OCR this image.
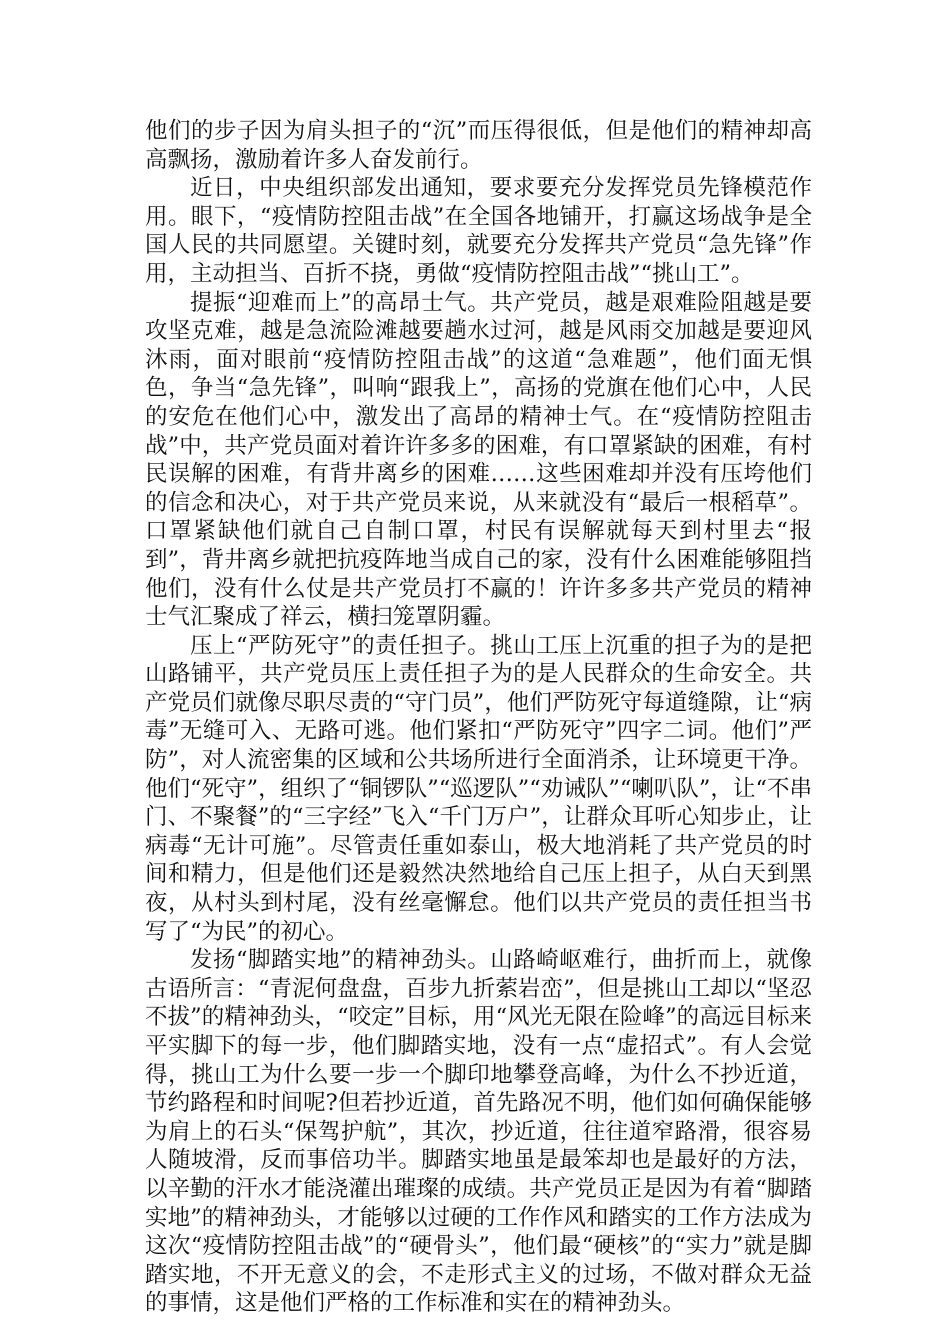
他们的步子因为肩头担子的“沉”而压得很低，但是他们的精神却高高飘扬，激励着许多人奋发前行。

近日，中央组织部发出通知，要求要充分发挥党员先锋模范作用。眼下，“疫情防控阻击战”在全国各地铺开，打赢这场战争是全国人民的共同愿望。关键时刻，就要充分发挥共产党员“急先锋”作用，主动担当、百折不挠，勇做“疫情防控阻击战”“挑山工”。

提振“迎难而上”的高昂士气。共产党员，越是艰难险阻越是要攻坚克难，越是急流险滩越要趟水过河，越是风雨交加越是要迎风沐雨，面对眼前“疫情防控阻击战”的这道“急难题”，他们面无惧色，争当“急先锋”，叫响“跟我上”，高扬的党旗在他们心中，人民的安危在他们心中，激发出了高昂的精神士气。在“疫情防控阻击战”中，共产党员面对着许许多多的困难，有口罩紧缺的困难，有村民误解的困难，有背井离乡的困难……这些困难却并没有压垮他们的信念和决心，对于共产党员来说，从来就没有“最后一根稻草”。口罩紧缺他们就自己自制口罩，村民有误解就每天到村里去“报到”，背井离乡就把抗疫阵地当成自己的家，没有什么困难能够阻挡他们，没有什么仗是共产党员打不赢的！许许多多共产党员的精神士气汇聚成了祥云，横扫笼罩阴霾。

压上“严防死守”的责任担子。挑山工压上沉重的担子为的是把山路铺平，共产党员压上责任担子为的是人民群众的生命安全。共产党员们就像尽职尽责的“守门员”，他们严防死守每道缝隙，让“病毒”无缝可入、无路可逃。他们紧扣“严防死守”四字二词。他们”严防”，对人流密集的区域和公共场所进行全面消杀，让环境更干净。他们“死守”，组织了“铜锣队”“巡逻队”“劝诫队”“喇叭队”，让“不串门、不聚餐”的“三字经”飞入“千门万户”，让群众耳听心知步止，让病毒“无计可施”。尽管责任重如泰山，极大地消耗了共产党员的时间和精力，但是他们还是毅然决然地给自己压上担子，从白天到黑夜，从村头到村尾，没有丝毫懈怠。他们以共产党员的责任担当书写了“为民”的初心。

发扬“脚踏实地”的精神劲头。山路崎岖难行，曲折而上，就像古语所言：“青泥何盘盘，百步九折萦岩峦”，但是挑山工却以“坚忍不拔”的精神劲头，“咬定”目标，用“风光无限在险峰”的高远目标来平实脚下的每一步，他们脚踏实地，没有一点“虚招式”。有人会觉得，挑山工为什么要一步一个脚印地攀登高峰，为什么不抄近道，节约路程和时间呢?但若抄近道，首先路况不明，他们如何确保能够为肩上的石头“保驾护航”，其次，抄近道，往往道窄路滑，很容易人随坡滑，反而事倍功半。脚踏实地虽是最笨却也是最好的方法，以辛勤的汗水才能浇灌出璀璨的成绩。共产党员正是因为有着“脚踏实地”的精神劲头，才能够以过硬的工作作风和踏实的工作方法成为这次“疫情防控阻击战”的“硬骨头”，他们最“硬核”的“实力”就是脚踏实地，不开无意义的会，不走形式主义的过场，不做对群众无益的事情，这是他们严格的工作标准和实在的精神劲头。
